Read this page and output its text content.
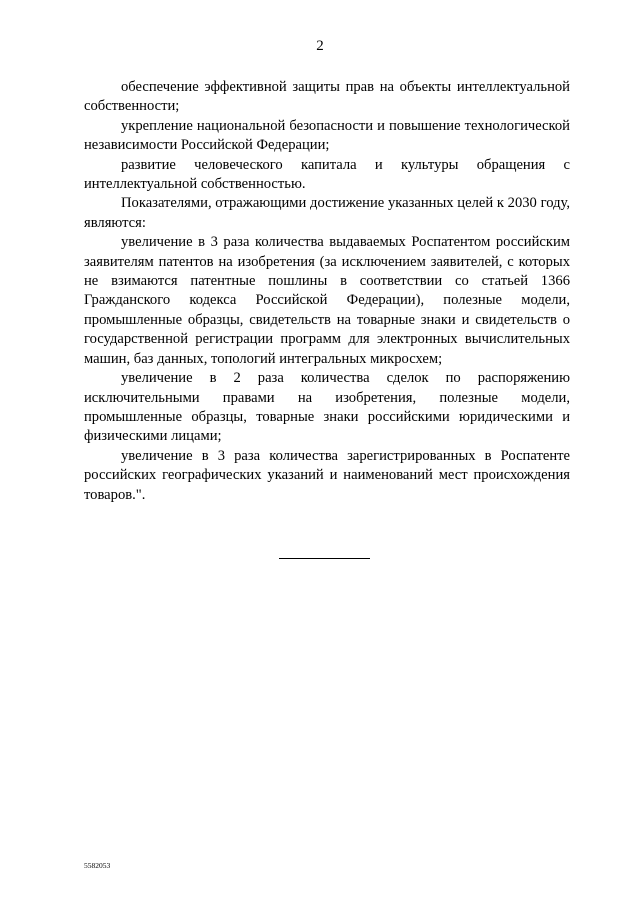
2

обеспечение эффективной защиты прав на объекты интеллектуальной собственности;

укрепление национальной безопасности и повышение технологической независимости Российской Федерации;

развитие человеческого капитала и культуры обращения с интеллектуальной собственностью.

Показателями, отражающими достижение указанных целей к 2030 году, являются:

увеличение в 3 раза количества выдаваемых Роспатентом российским заявителям патентов на изобретения (за исключением заявителей, с которых не взимаются патентные пошлины в соответствии со статьей 1366 Гражданского кодекса Российской Федерации), полезные модели, промышленные образцы, свидетельств на товарные знаки и свидетельств о государственной регистрации программ для электронных вычислительных машин, баз данных, топологий интегральных микросхем;

увеличение в 2 раза количества сделок по распоряжению исключительными правами на изобретения, полезные модели, промышленные образцы, товарные знаки российскими юридическими и физическими лицами;

увеличение в 3 раза количества зарегистрированных в Роспатенте российских географических указаний и наименований мест происхождения товаров.".

5582053
